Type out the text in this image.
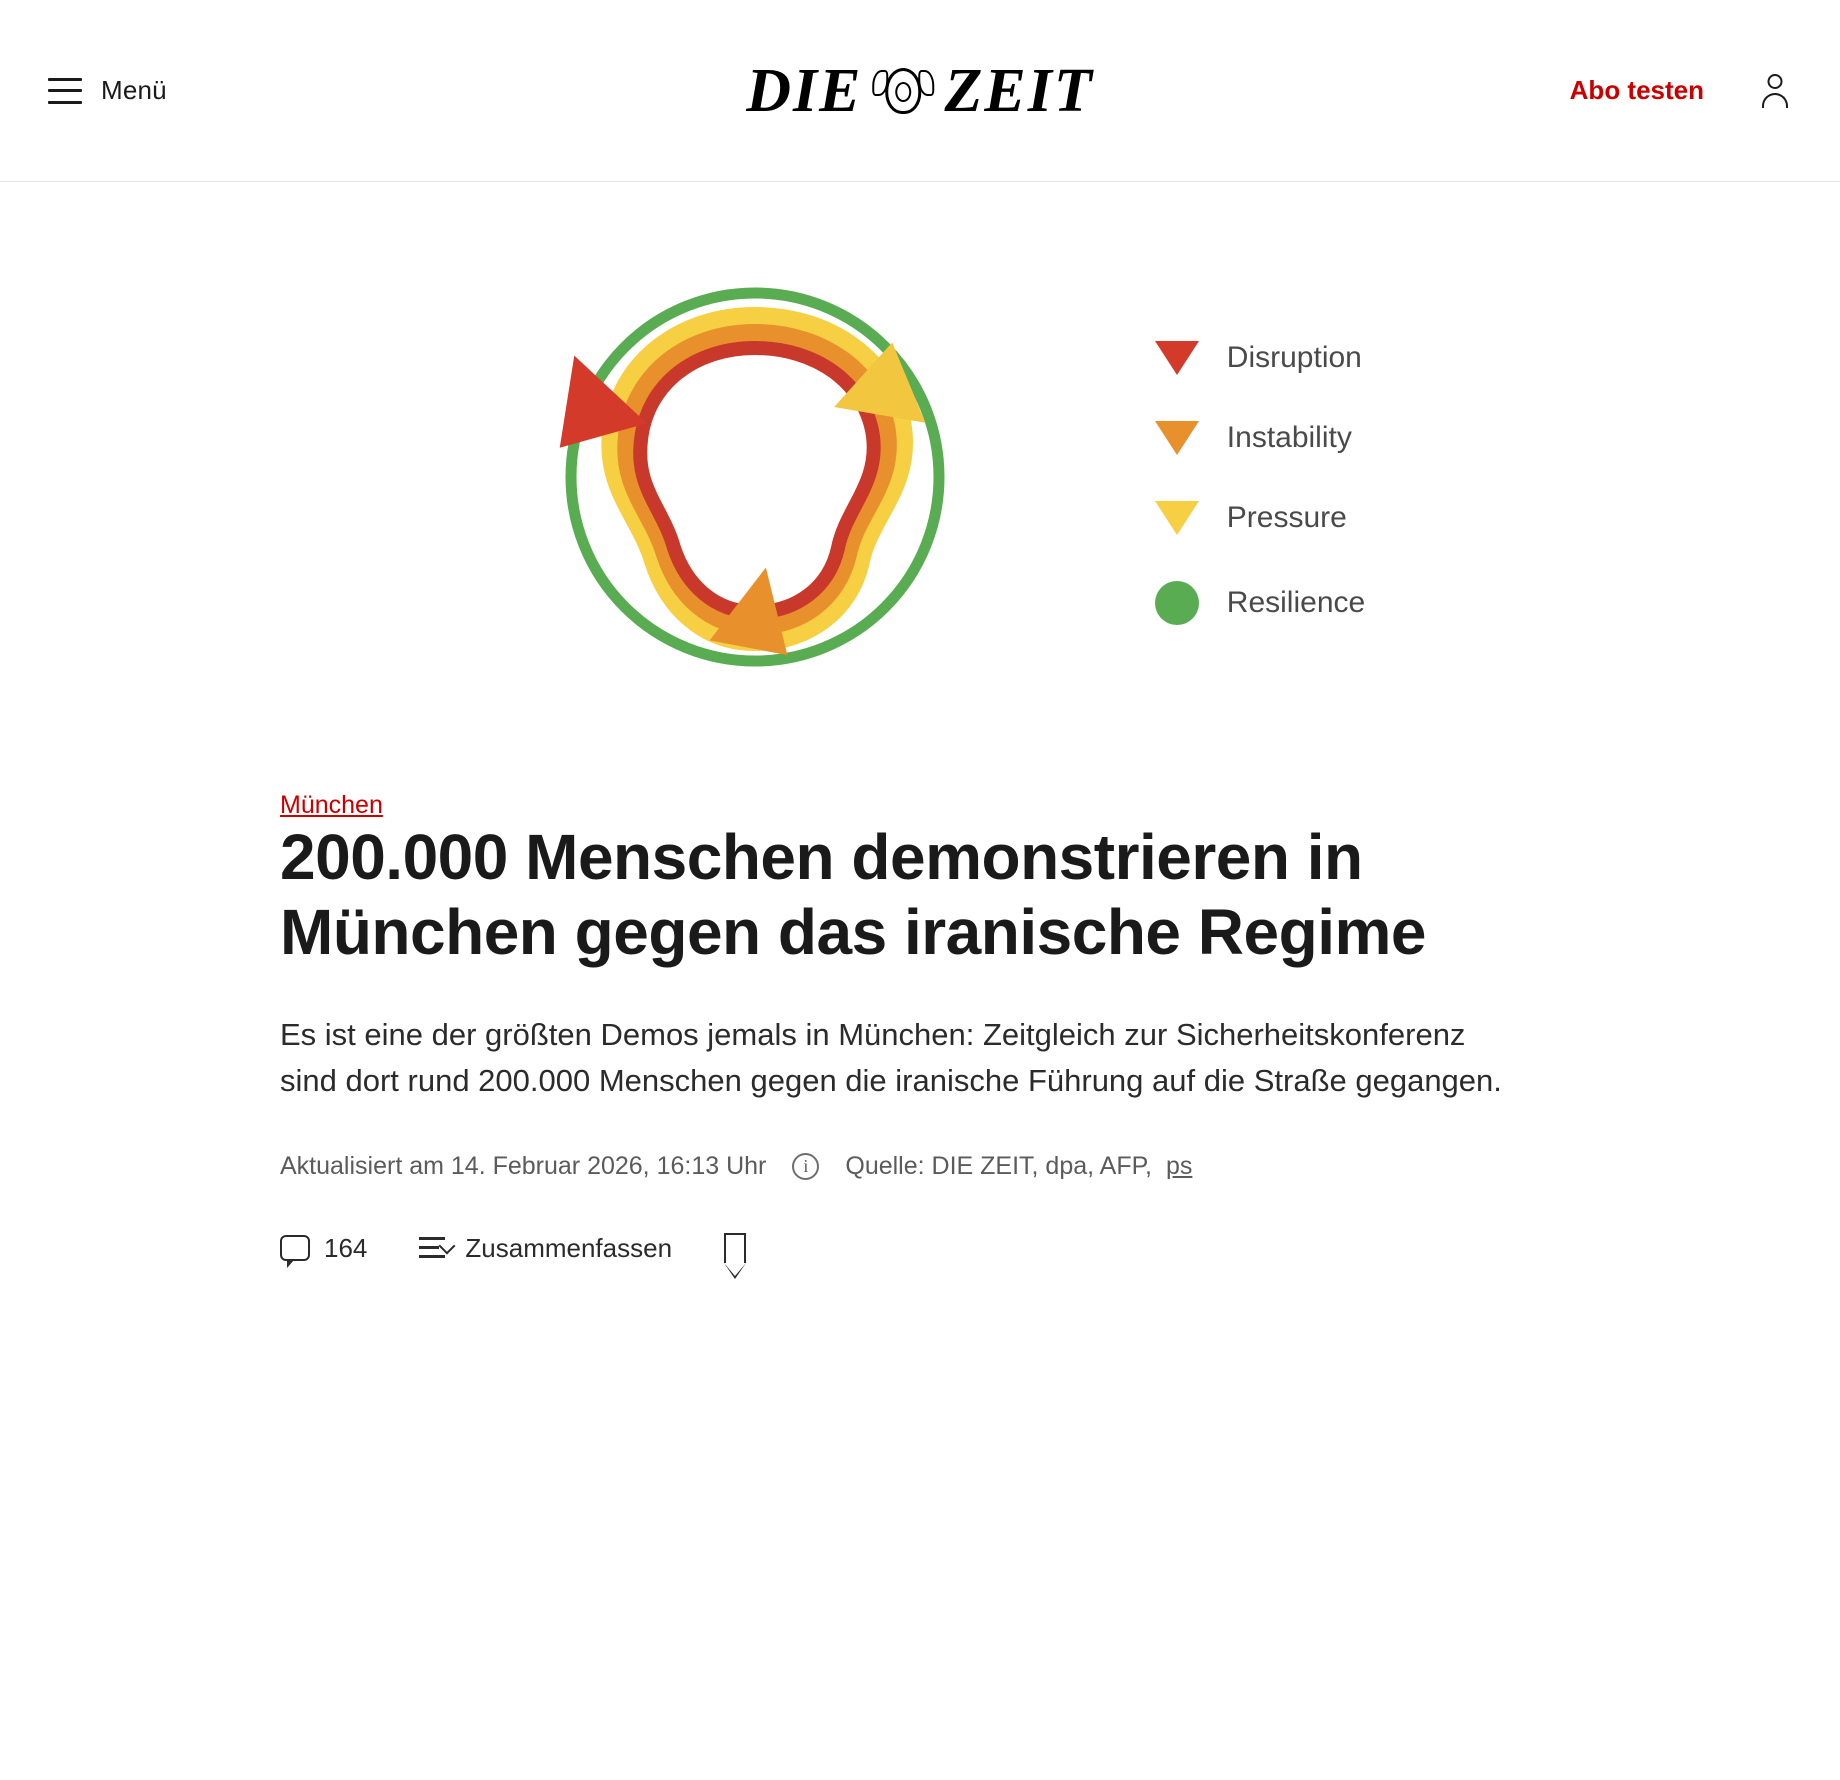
Menü	DIE ZEIT	Abo testen
Disruption
Instability
Pressure
Resilience
München
200.000 Menschen demonstrieren in München gegen das iranische Regime

Es ist eine der größten Demos jemals in München: Zeitgleich zur Sicherheitskonferenz sind dort rund 200.000 Menschen gegen die iranische Führung auf die Straße gegangen.

Aktualisiert am 14. Februar 2026, 16:13 Uhr	i	Quelle: DIE ZEIT, dpa, AFP, ps
164	Zusammenfassen
